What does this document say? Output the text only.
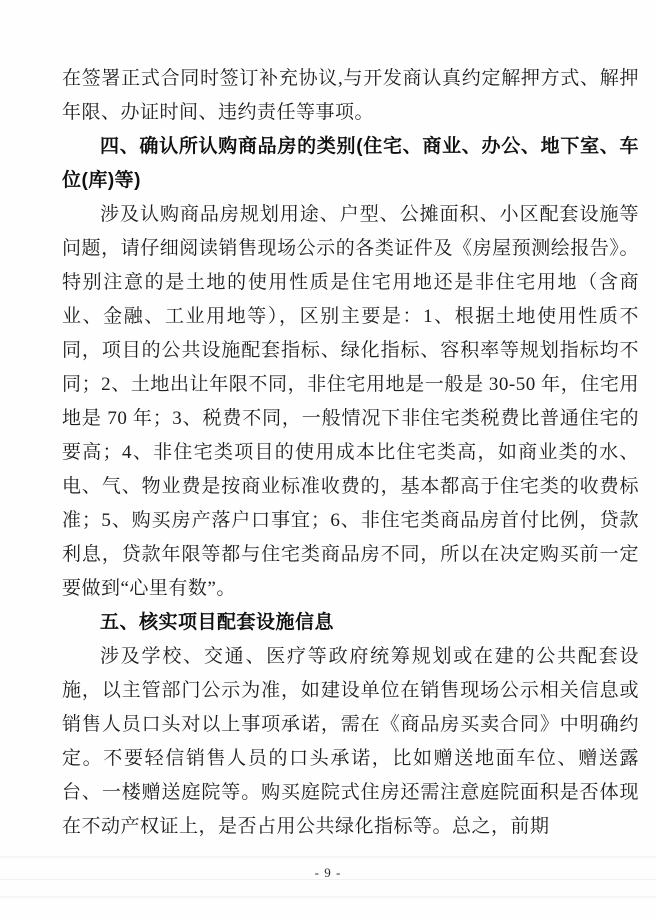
在签署正式合同时签订补充协议,与开发商认真约定解押方式、解押年限、办证时间、违约责任等事项。

四、确认所认购商品房的类别(住宅、商业、办公、地下室、车位(库)等)

涉及认购商品房规划用途、户型、公摊面积、小区配套设施等问题，请仔细阅读销售现场公示的各类证件及《房屋预测绘报告》。特别注意的是土地的使用性质是住宅用地还是非住宅用地（含商业、金融、工业用地等），区别主要是：1、根据土地使用性质不同，项目的公共设施配套指标、绿化指标、容积率等规划指标均不同；2、土地出让年限不同，非住宅用地是一般是 30-50 年，住宅用地是 70 年；3、税费不同，一般情况下非住宅类税费比普通住宅的要高；4、非住宅类项目的使用成本比住宅类高，如商业类的水、电、气、物业费是按商业标准收费的，基本都高于住宅类的收费标准；5、购买房产落户口事宜；6、非住宅类商品房首付比例，贷款利息，贷款年限等都与住宅类商品房不同，所以在决定购买前一定要做到“心里有数”。

五、核实项目配套设施信息

涉及学校、交通、医疗等政府统筹规划或在建的公共配套设施，以主管部门公示为准，如建设单位在销售现场公示相关信息或销售人员口头对以上事项承诺，需在《商品房买卖合同》中明确约定。不要轻信销售人员的口头承诺，比如赠送地面车位、赠送露台、一楼赠送庭院等。购买庭院式住房还需注意庭院面积是否体现在不动产权证上，是否占用公共绿化指标等。总之，前期

- 9 -
